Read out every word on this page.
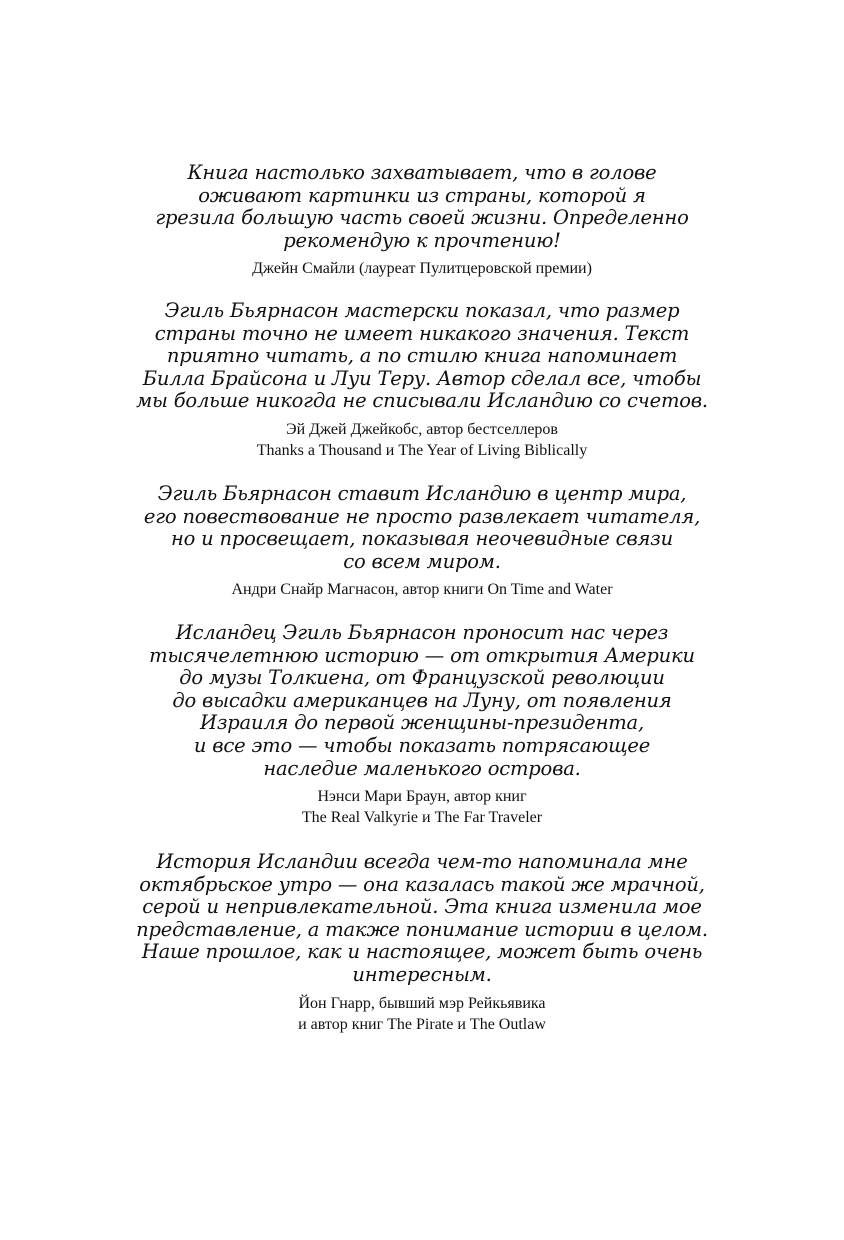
Книга настолько захватывает, что в голове
оживают картинки из страны, которой я
грезила большую часть своей жизни. Определенно
рекомендую к прочтению!
Джейн Смайли (лауреат Пулитцеровской премии)
Эгиль Бьярнасон мастерски показал, что размер
страны точно не имеет никакого значения. Текст
приятно читать, а по стилю книга напоминает
Билла Брайсона и Луи Теру. Автор сделал все, чтобы
мы больше никогда не списывали Исландию со счетов.
Эй Джей Джейкобс, автор бестселлеров
Thanks a Thousand и The Year of Living Biblically
Эгиль Бьярнасон ставит Исландию в центр мира,
его повествование не просто развлекает читателя,
но и просвещает, показывая неочевидные связи
со всем миром.
Андри Снайр Магнасон, автор книги On Time and Water
Исландец Эгиль Бьярнасон проносит нас через
тысячелетнюю историю — от открытия Америки
до музы Толкиена, от Французской революции
до высадки американцев на Луну, от появления
Израиля до первой женщины-президента,
и все это — чтобы показать потрясающее
наследие маленького острова.
Нэнси Мари Браун, автор книг
The Real Valkyrie и The Far Traveler
История Исландии всегда чем-то напоминала мне
октябрьское утро — она казалась такой же мрачной,
серой и непривлекательной. Эта книга изменила мое
представление, а также понимание истории в целом.
Наше прошлое, как и настоящее, может быть очень
интересным.
Йон Гнарр, бывший мэр Рейкьявика
и автор книг The Pirate и The Outlaw
